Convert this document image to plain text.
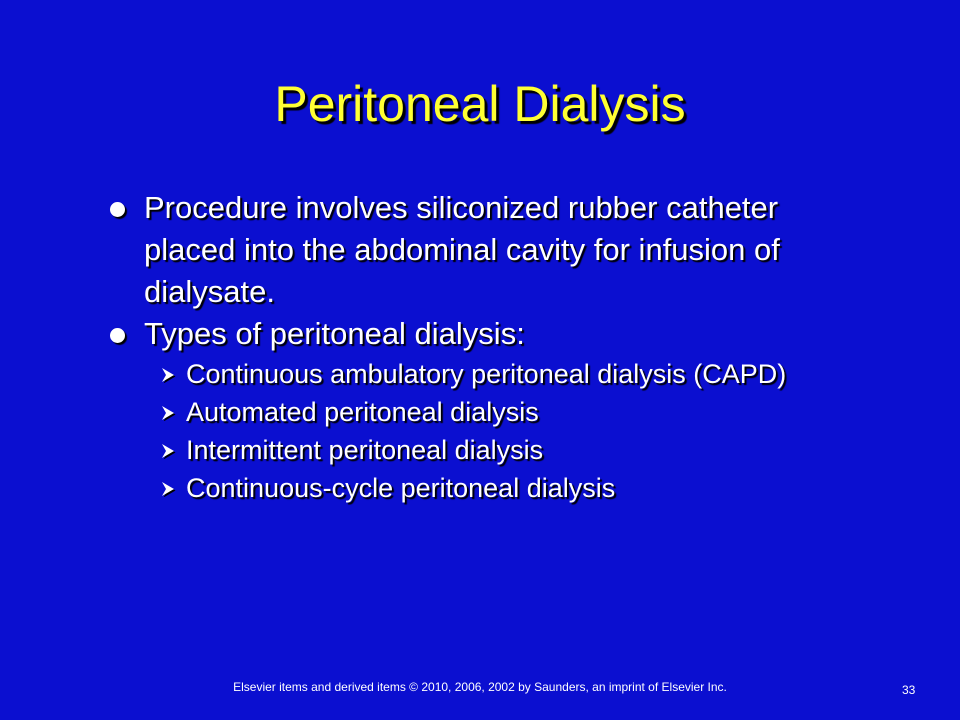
Peritoneal Dialysis
Procedure involves siliconized rubber catheter placed into the abdominal cavity for infusion of dialysate.
Types of peritoneal dialysis:
Continuous ambulatory peritoneal dialysis (CAPD)
Automated peritoneal dialysis
Intermittent peritoneal dialysis
Continuous-cycle peritoneal dialysis
Elsevier items and derived items © 2010, 2006, 2002 by Saunders, an imprint of Elsevier Inc.	33
